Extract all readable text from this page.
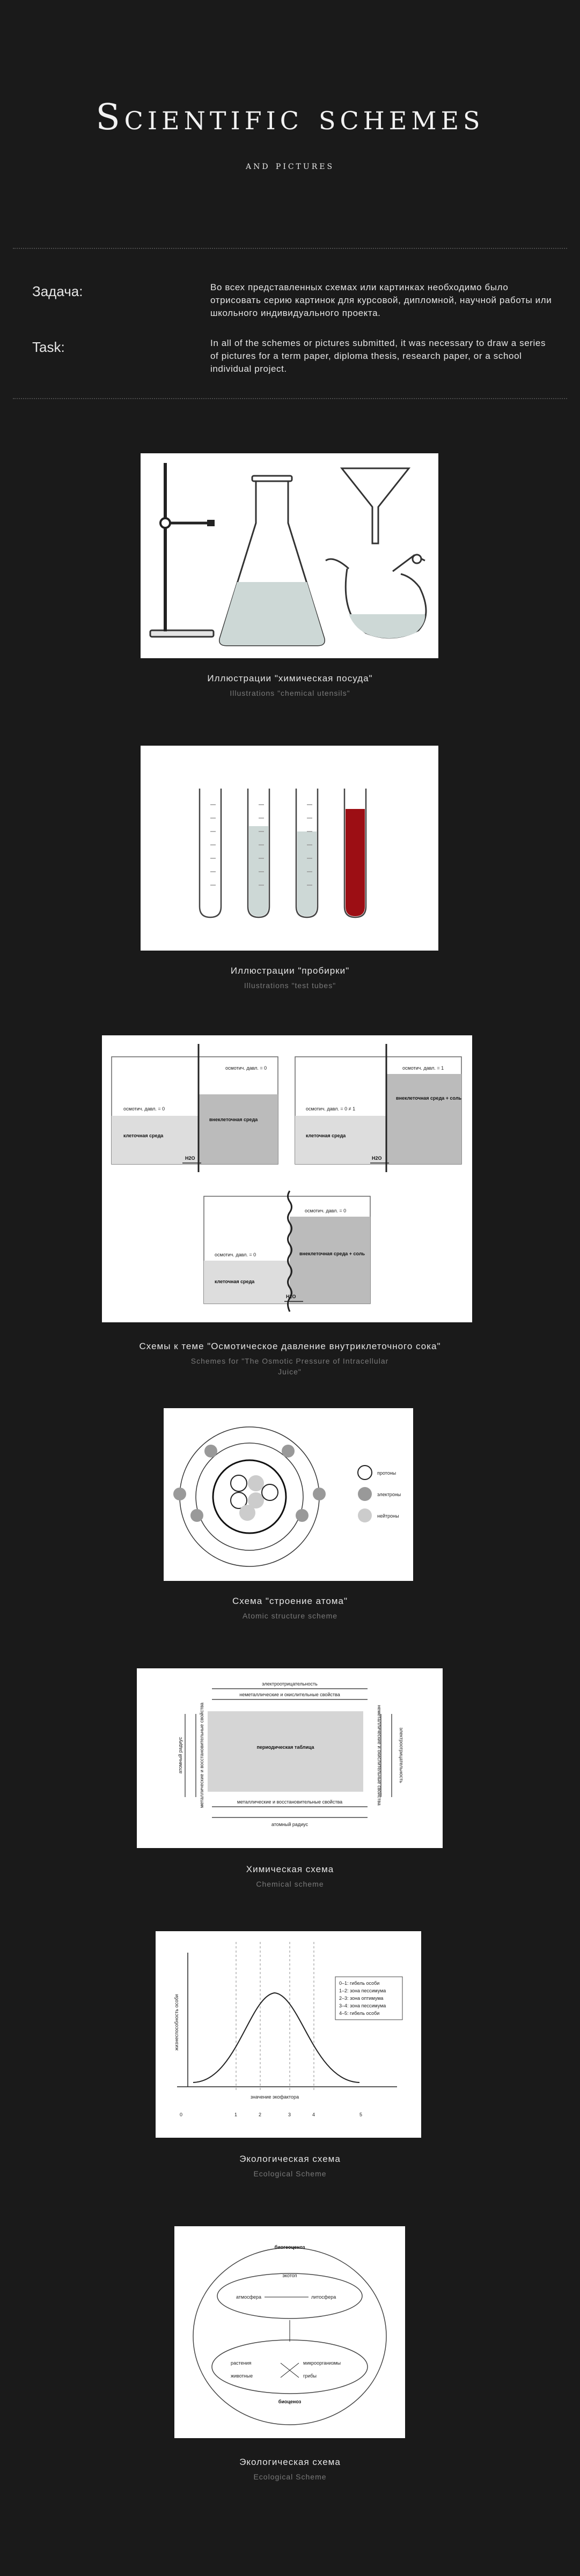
Scientific schemes
and pictures
Задача:	Во всех представленных схемах или картинках необходимо было отрисовать серию картинок для курсовой, дипломной, научной работы или школьного индивидуального проекта.
Task:	In all of the schemes or pictures submitted, it was necessary to draw a series of pictures for a term paper, diploma thesis, research paper, or a school individual project.
Иллюстрации "химическая посуда"
Illustrations "chemical utensils"
Иллюстрации "пробирки"
Illustrations "test tubes"
осмотич. давл. = 0
осмотич. давл. = 0
клеточная среда
внеклеточная среда
H2O
осмотич. давл. = 1
осмотич. давл. = 0 ≠ 1
клеточная среда
внеклеточная среда + соль
H2O
осмотич. давл. = 0
осмотич. давл. = 0
клеточная среда
внеклеточная среда + соль
H2O
Схемы к теме "Осмотическое давление внутриклеточного сока"
Schemes for "The Osmotic Pressure of Intracellular Juice"
протоны
электроны
нейтроны
Схема "строение атома"
Atomic structure scheme
периодическая таблица
электроотрицательность
неметаллические и окислительные свойства
металлические и восстановительные свойства
атомный радиус
атомный радиус	металлические и восстановительные свойства	неметаллические и окислительные свойства	электроотрицательность
Химическая схема
Chemical scheme
жизнеспособность особи
значение экофактора
0	1	2	3	4	5
0–1: гибель особи
1–2: зона пессимума
2–3: зона оптимума
3–4: зона пессимума
4–5: гибель особи
Экологическая схема
Ecological Scheme
биогеоценоз
экотоп
атмосфера	литосфера
растения	микроорганизмы
животные	грибы
биоценоз
Экологическая схема
Ecological Scheme
